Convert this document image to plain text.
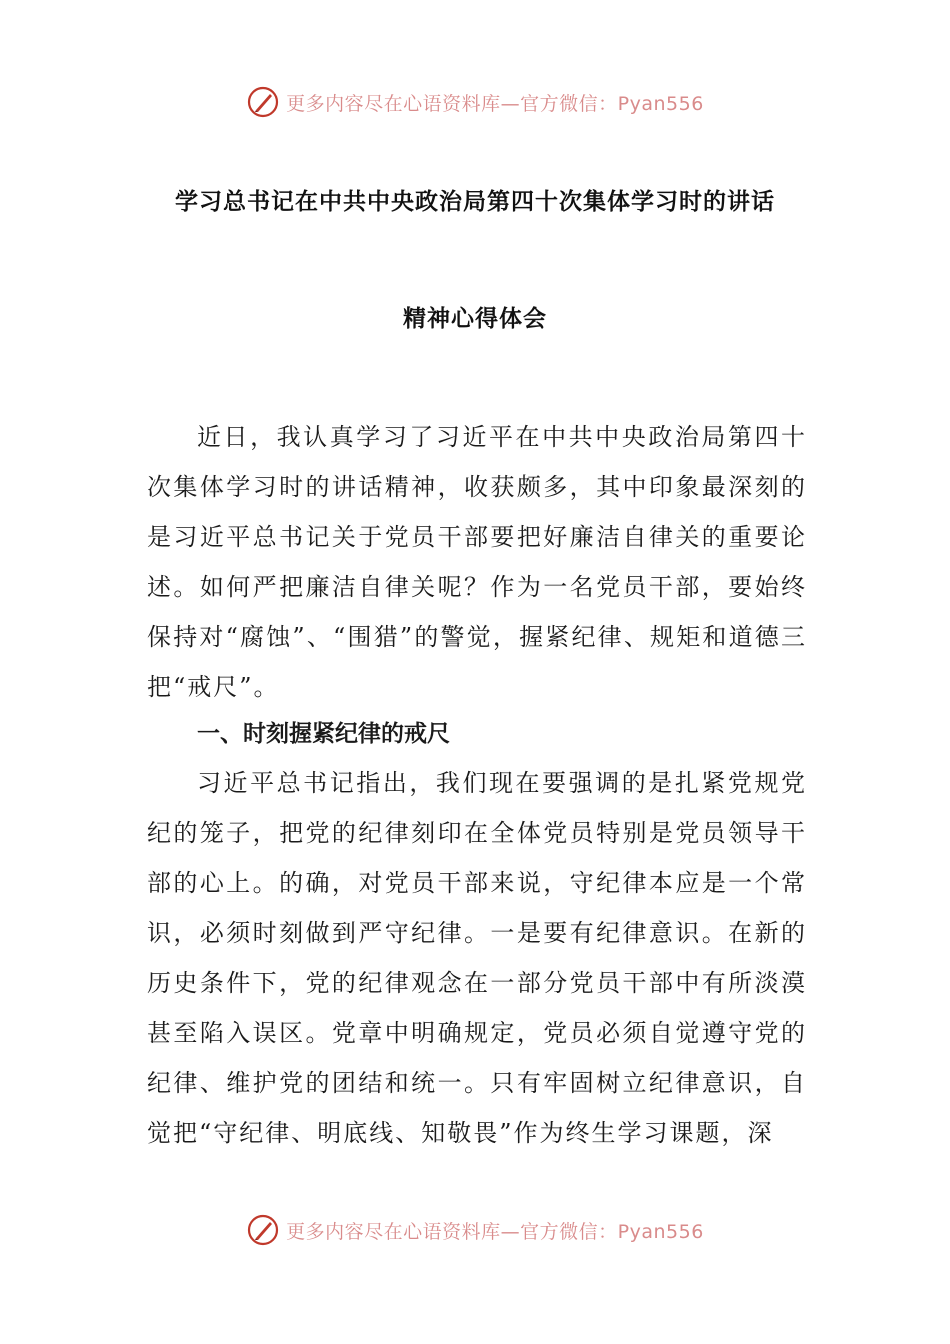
更多内容尽在心语资料库—官方微信：Pyan556
学习总书记在中共中央政治局第四十次集体学习时的讲话
精神心得体会

近日，我认真学习了习近平在中共中央政治局第四十次集体学习时的讲话精神，收获颇多，其中印象最深刻的是习近平总书记关于党员干部要把好廉洁自律关的重要论述。如何严把廉洁自律关呢？作为一名党员干部，要始终保持对“腐蚀”、“围猎”的警觉，握紧纪律、规矩和道德三把“戒尺”。

一、时刻握紧纪律的戒尺

习近平总书记指出，我们现在要强调的是扎紧党规党纪的笼子，把党的纪律刻印在全体党员特别是党员领导干部的心上。的确，对党员干部来说，守纪律本应是一个常识，必须时刻做到严守纪律。一是要有纪律意识。在新的历史条件下，党的纪律观念在一部分党员干部中有所淡漠甚至陷入误区。党章中明确规定，党员必须自觉遵守党的纪律、维护党的团结和统一。只有牢固树立纪律意识，自觉把“守纪律、明底线、知敬畏”作为终生学习课题，深

更多内容尽在心语资料库—官方微信：Pyan556
